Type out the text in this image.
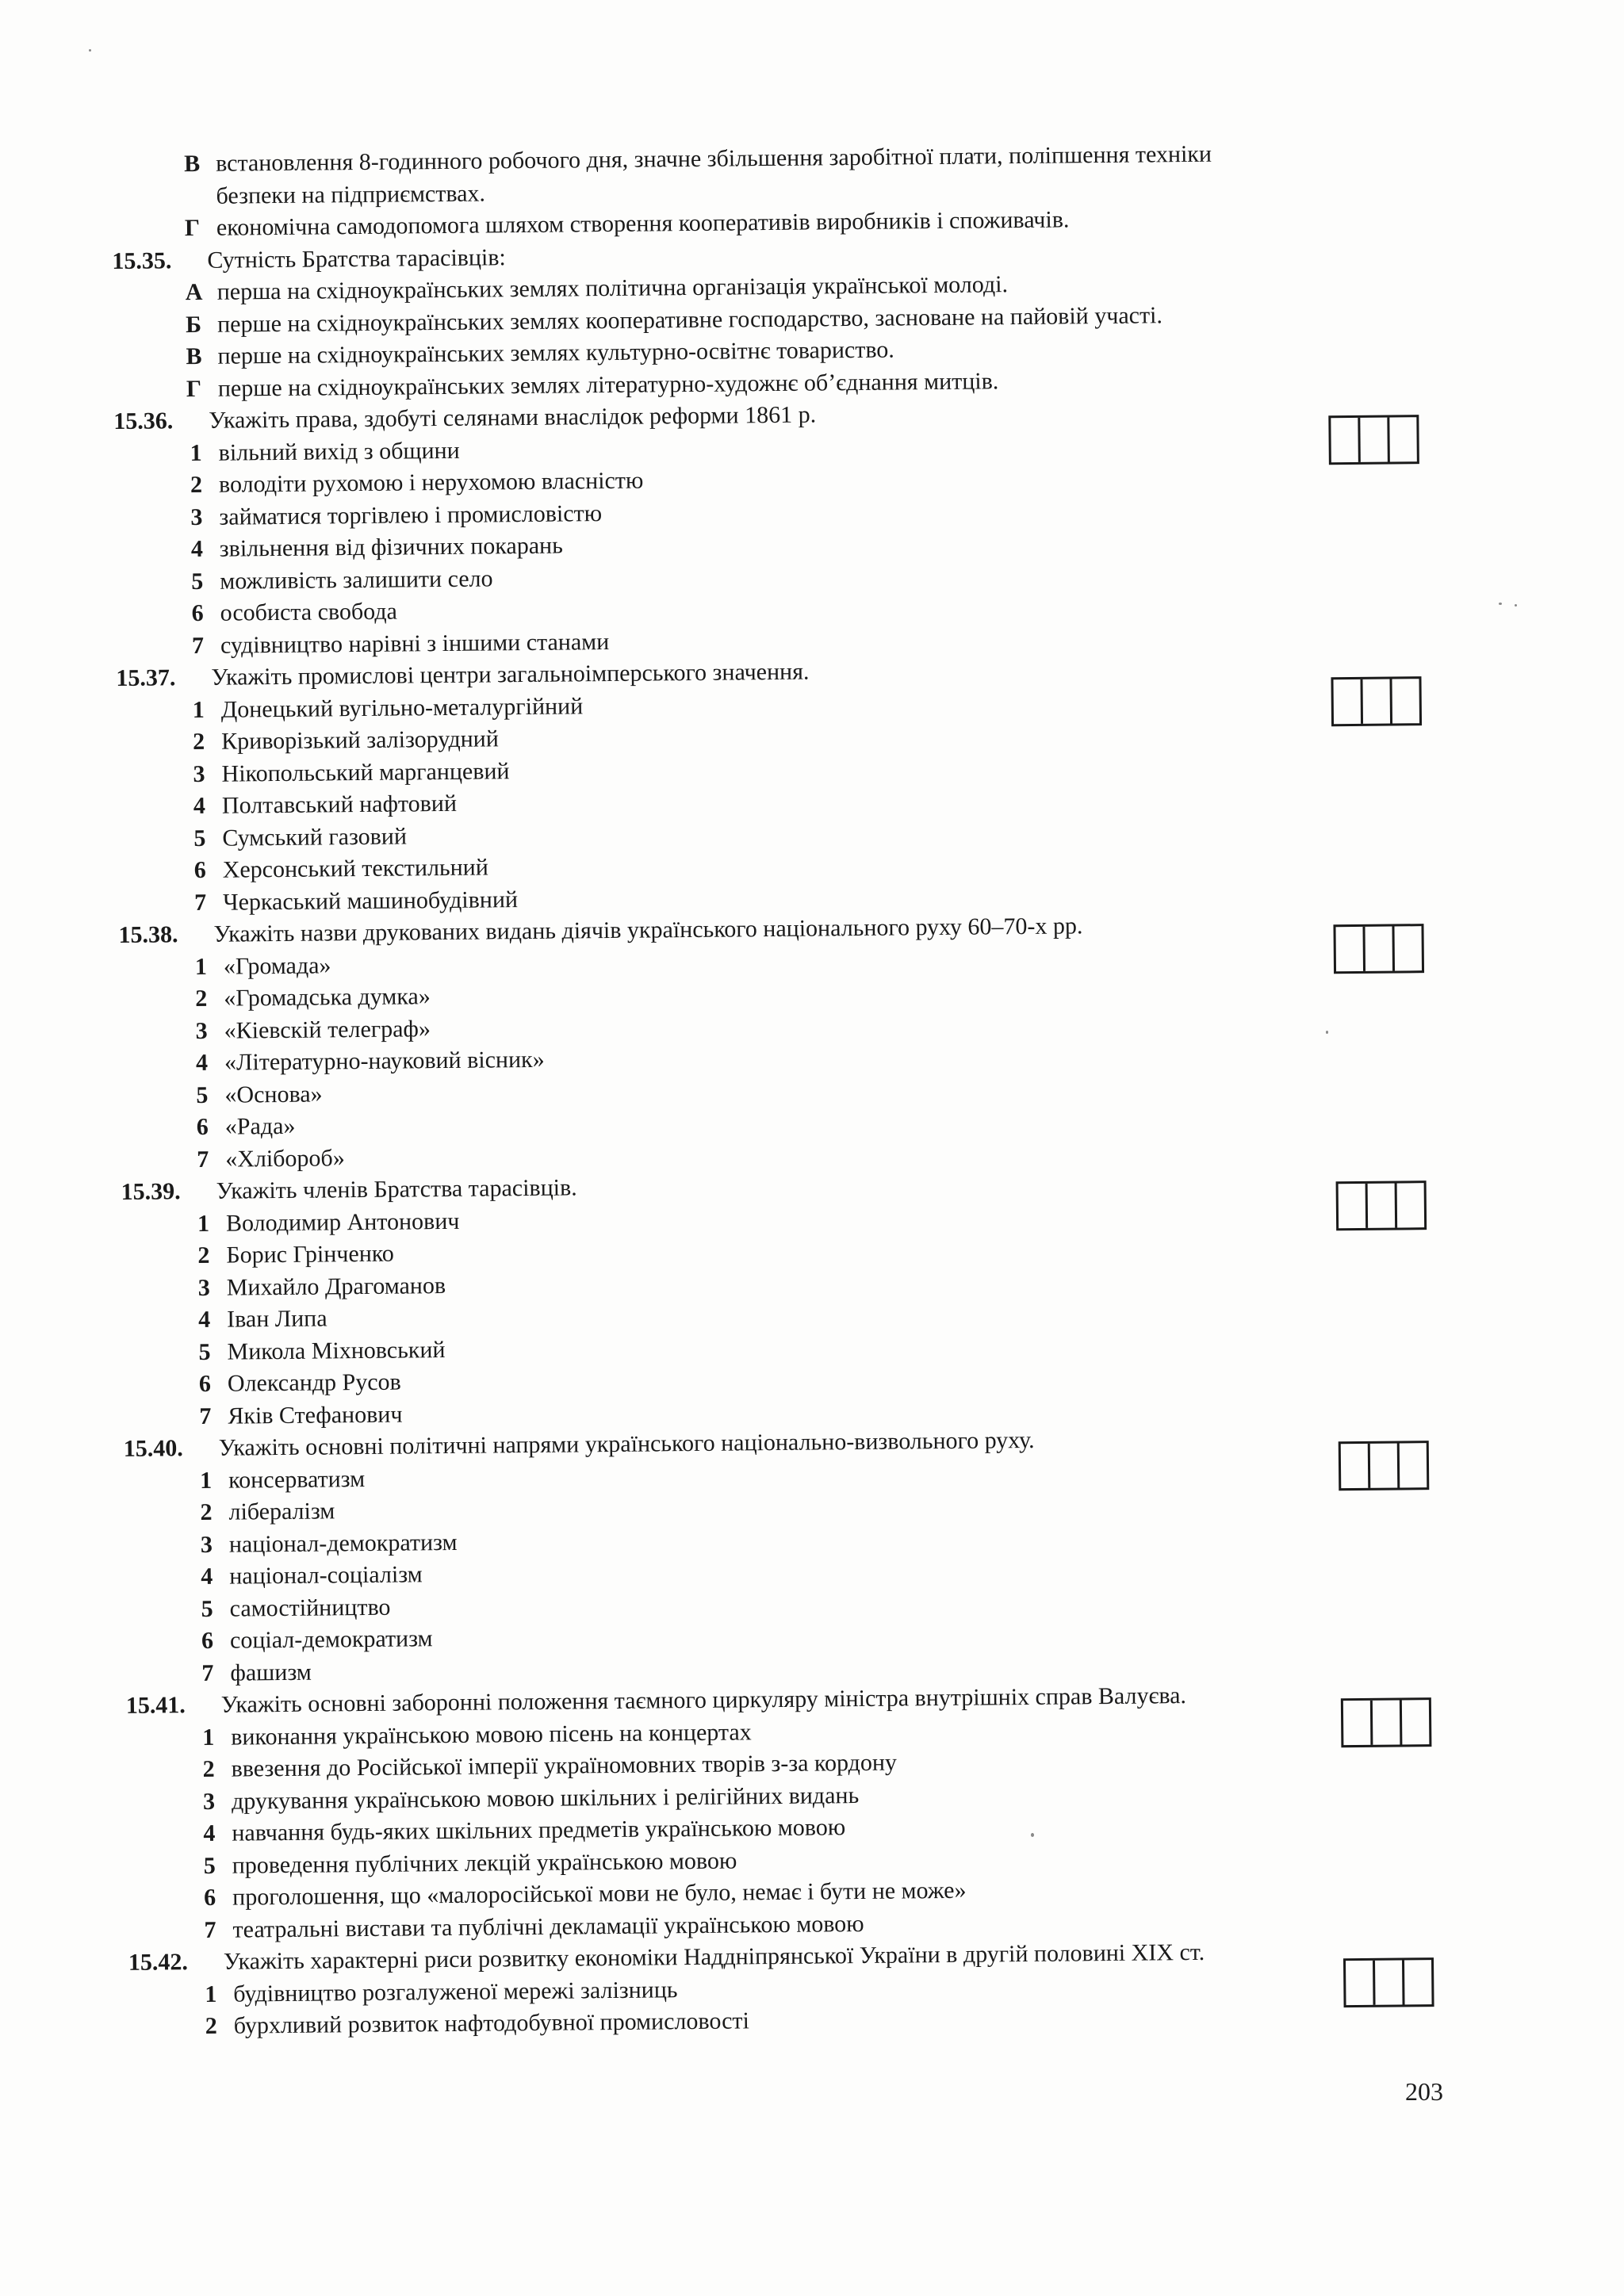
В встановлення 8-годинного робочого дня, значне збільшення заробітної плати, поліпшення техніки
безпеки на підприємствах.
Г економічна самодопомога шляхом створення кооперативів виробників і споживачів.
15.35. Сутність Братства тарасівців:
А перша на східноукраїнських землях політична організація української молоді.
Б перше на східноукраїнських землях кооперативне господарство, засноване на пайовій участі.
В перше на східноукраїнських землях культурно-освітнє товариство.
Г перше на східноукраїнських землях літературно-художнє об’єднання митців.
15.36. Укажіть права, здобуті селянами внаслідок реформи 1861 р.
1 вільний вихід з общини
2 володіти рухомою і нерухомою власністю
3 займатися торгівлею і промисловістю
4 звільнення від фізичних покарань
5 можливість залишити село
6 особиста свобода
7 судівництво нарівні з іншими станами
15.37. Укажіть промислові центри загальноімперського значення.
1 Донецький вугільно-металургійний
2 Криворізький залізорудний
3 Нікопольський марганцевий
4 Полтавський нафтовий
5 Сумський газовий
6 Херсонський текстильний
7 Черкаський машинобудівний
15.38. Укажіть назви друкованих видань діячів українського національного руху 60–70-х рр.
1 «Громада»
2 «Громадська думка»
3 «Кіевскій телеграф»
4 «Літературно-науковий вісник»
5 «Основа»
6 «Рада»
7 «Хлібороб»
15.39. Укажіть членів Братства тарасівців.
1 Володимир Антонович
2 Борис Грінченко
3 Михайло Драгоманов
4 Іван Липа
5 Микола Міхновський
6 Олександр Русов
7 Яків Стефанович
15.40. Укажіть основні політичні напрями українського національно-визвольного руху.
1 консерватизм
2 лібералізм
3 націонал-демократизм
4 націонал-соціалізм
5 самостійництво
6 соціал-демократизм
7 фашизм
15.41. Укажіть основні заборонні положення таємного циркуляру міністра внутрішніх справ Валуєва.
1 виконання українською мовою пісень на концертах
2 ввезення до Російської імперії україномовних творів з-за кордону
3 друкування українською мовою шкільних і релігійних видань
4 навчання будь-яких шкільних предметів українською мовою
5 проведення публічних лекцій українською мовою
6 проголошення, що «малоросійської мови не було, немає і бути не може»
7 театральні вистави та публічні декламації українською мовою
15.42. Укажіть характерні риси розвитку економіки Наддніпрянської України в другій половині ХІХ ст.
1 будівництво розгалуженої мережі залізниць
2 бурхливий розвиток нафтодобувної промисловості
203
